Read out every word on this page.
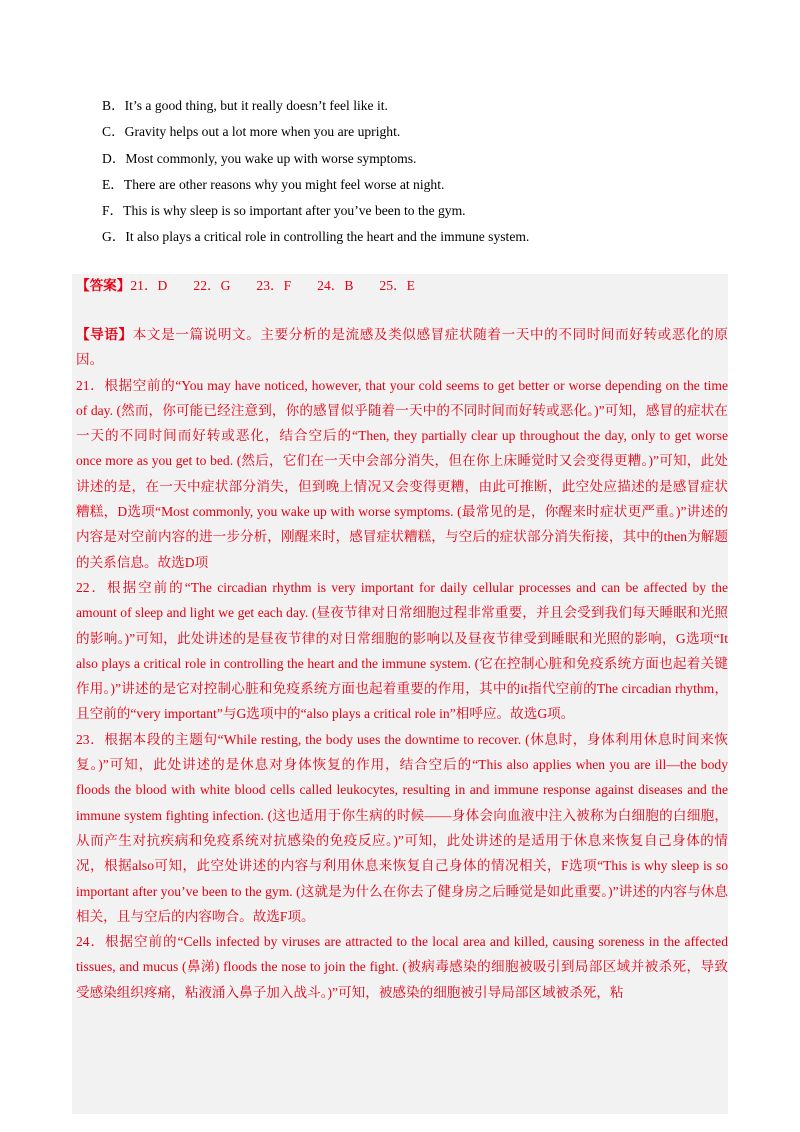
B．It’s a good thing, but it really doesn’t feel like it.
C．Gravity helps out a lot more when you are upright.
D．Most commonly, you wake up with worse symptoms.
E．There are other reasons why you might feel worse at night.
F．This is why sleep is so important after you’ve been to the gym.
G．It also plays a critical role in controlling the heart and the immune system.
【答案】21．D 22．G 23．F 24．B 25．E

【导语】本文是一篇说明文。主要分析的是流感及类似感冒症状随着一天中的不同时间而好转或恶化的原因。

21．根据空前的“You may have noticed, however, that your cold seems to get better or worse depending on the time of day. (然而，你可能已经注意到，你的感冒似乎随着一天中的不同时间而好转或恶化。)”可知，感冒的症状在一天的不同时间而好转或恶化，结合空后的“Then, they partially clear up throughout the day, only to get worse once more as you get to bed. (然后，它们在一天中会部分消失，但在你上床睡觉时又会变得更糟。)”可知，此处讲述的是，在一天中症状部分消失，但到晚上情况又会变得更糟，由此可推断，此空处应描述的是感冒症状糟糕，D选项“Most commonly, you wake up with worse symptoms. (最常见的是，你醒来时症状更严重。)”讲述的内容是对空前内容的进一步分析，刚醒来时，感冒症状糟糕，与空后的症状部分消失衔接，其中的then为解题的关系信息。故选D项

22．根据空前的“The circadian rhythm is very important for daily cellular processes and can be affected by the amount of sleep and light we get each day. (昼夜节律对日常细胞过程非常重要，并且会受到我们每天睡眠和光照的影响。)”可知，此处讲述的是昼夜节律的对日常细胞的影响以及昼夜节律受到睡眠和光照的影响，G选项“It also plays a critical role in controlling the heart and the immune system. (它在控制心脏和免疫系统方面也起着关键作用。)”讲述的是它对控制心脏和免疫系统方面也起着重要的作用，其中的it指代空前的The circadian rhythm，且空前的“very important”与G选项中的“also plays a critical role in”相呼应。故选G项。

23．根据本段的主题句“While resting, the body uses the downtime to recover. (休息时，身体利用休息时间来恢复。)”可知，此处讲述的是休息对身体恢复的作用，结合空后的“This also applies when you are ill—the body floods the blood with white blood cells called leukocytes, resulting in and immune response against diseases and the immune system fighting infection. (这也适用于你生病的时候——身体会向血液中注入被称为白细胞的白细胞，从而产生对抗疾病和免疫系统对抗感染的免疫反应。)”可知，此处讲述的是适用于休息来恢复自己身体的情况，根据also可知，此空处讲述的内容与利用休息来恢复自己身体的情况相关，F选项“This is why sleep is so important after you’ve been to the gym. (这就是为什么在你去了健身房之后睡觉是如此重要。)”讲述的内容与休息相关，且与空后的内容吻合。故选F项。

24．根据空前的“Cells infected by viruses are attracted to the local area and killed, causing soreness in the affected tissues, and mucus (鼻涕) floods the nose to join the fight. (被病毒感染的细胞被吸引到局部区域并被杀死，导致受感染组织疼痛，粘液涌入鼻子加入战斗。)”可知，被感染的细胞被引导局部区域被杀死，粘
